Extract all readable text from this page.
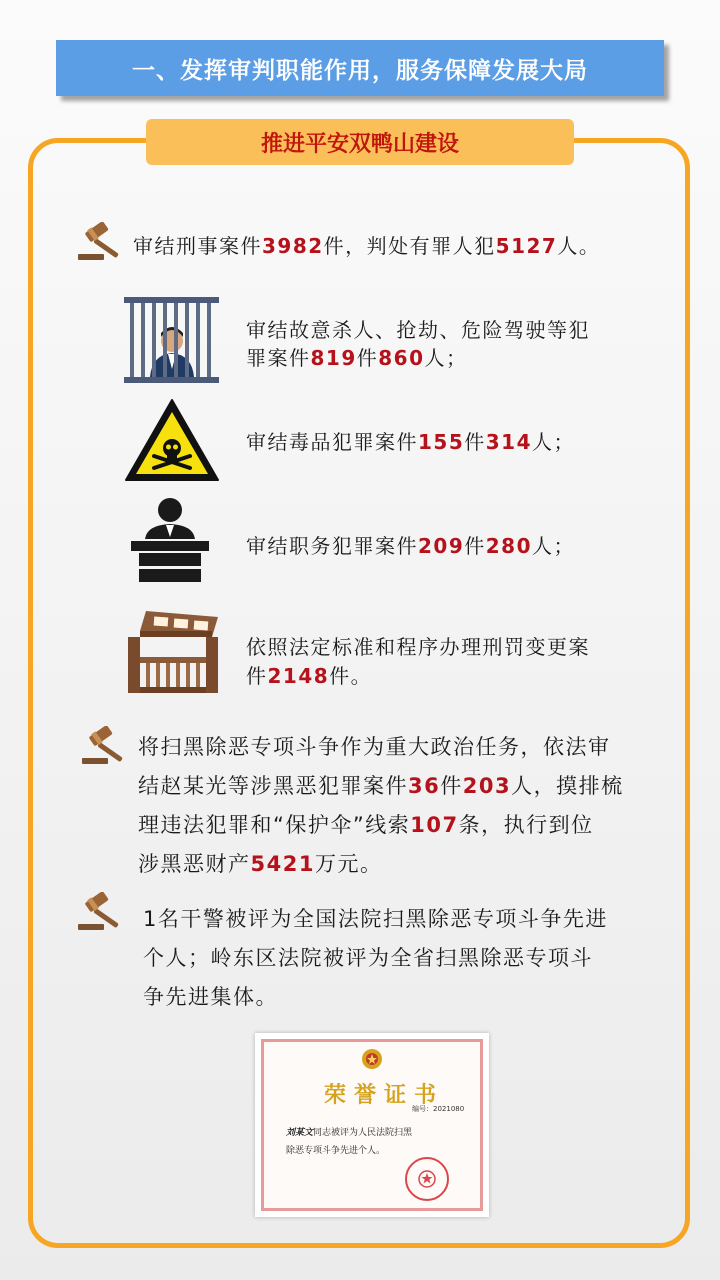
一、发挥审判职能作用，服务保障发展大局
推进平安双鸭山建设
审结刑事案件3982件，判处有罪人犯5127人。
审结故意杀人、抢劫、危险驾驶等犯
罪案件819件860人；
审结毒品犯罪案件155件314人；
审结职务犯罪案件209件280人；
依照法定标准和程序办理刑罚变更案
件2148件。
将扫黑除恶专项斗争作为重大政治任务，依法审
结赵某光等涉黑恶犯罪案件36件203人，摸排梳
理违法犯罪和“保护伞”线索107条，执行到位
涉黑恶财产5421万元。
1名干警被评为全国法院扫黑除恶专项斗争先进
个人；岭东区法院被评为全省扫黑除恶专项斗
争先进集体。
荣誉证书
编号：2021080
刘某文同志被评为人民法院扫黑
除恶专项斗争先进个人。
